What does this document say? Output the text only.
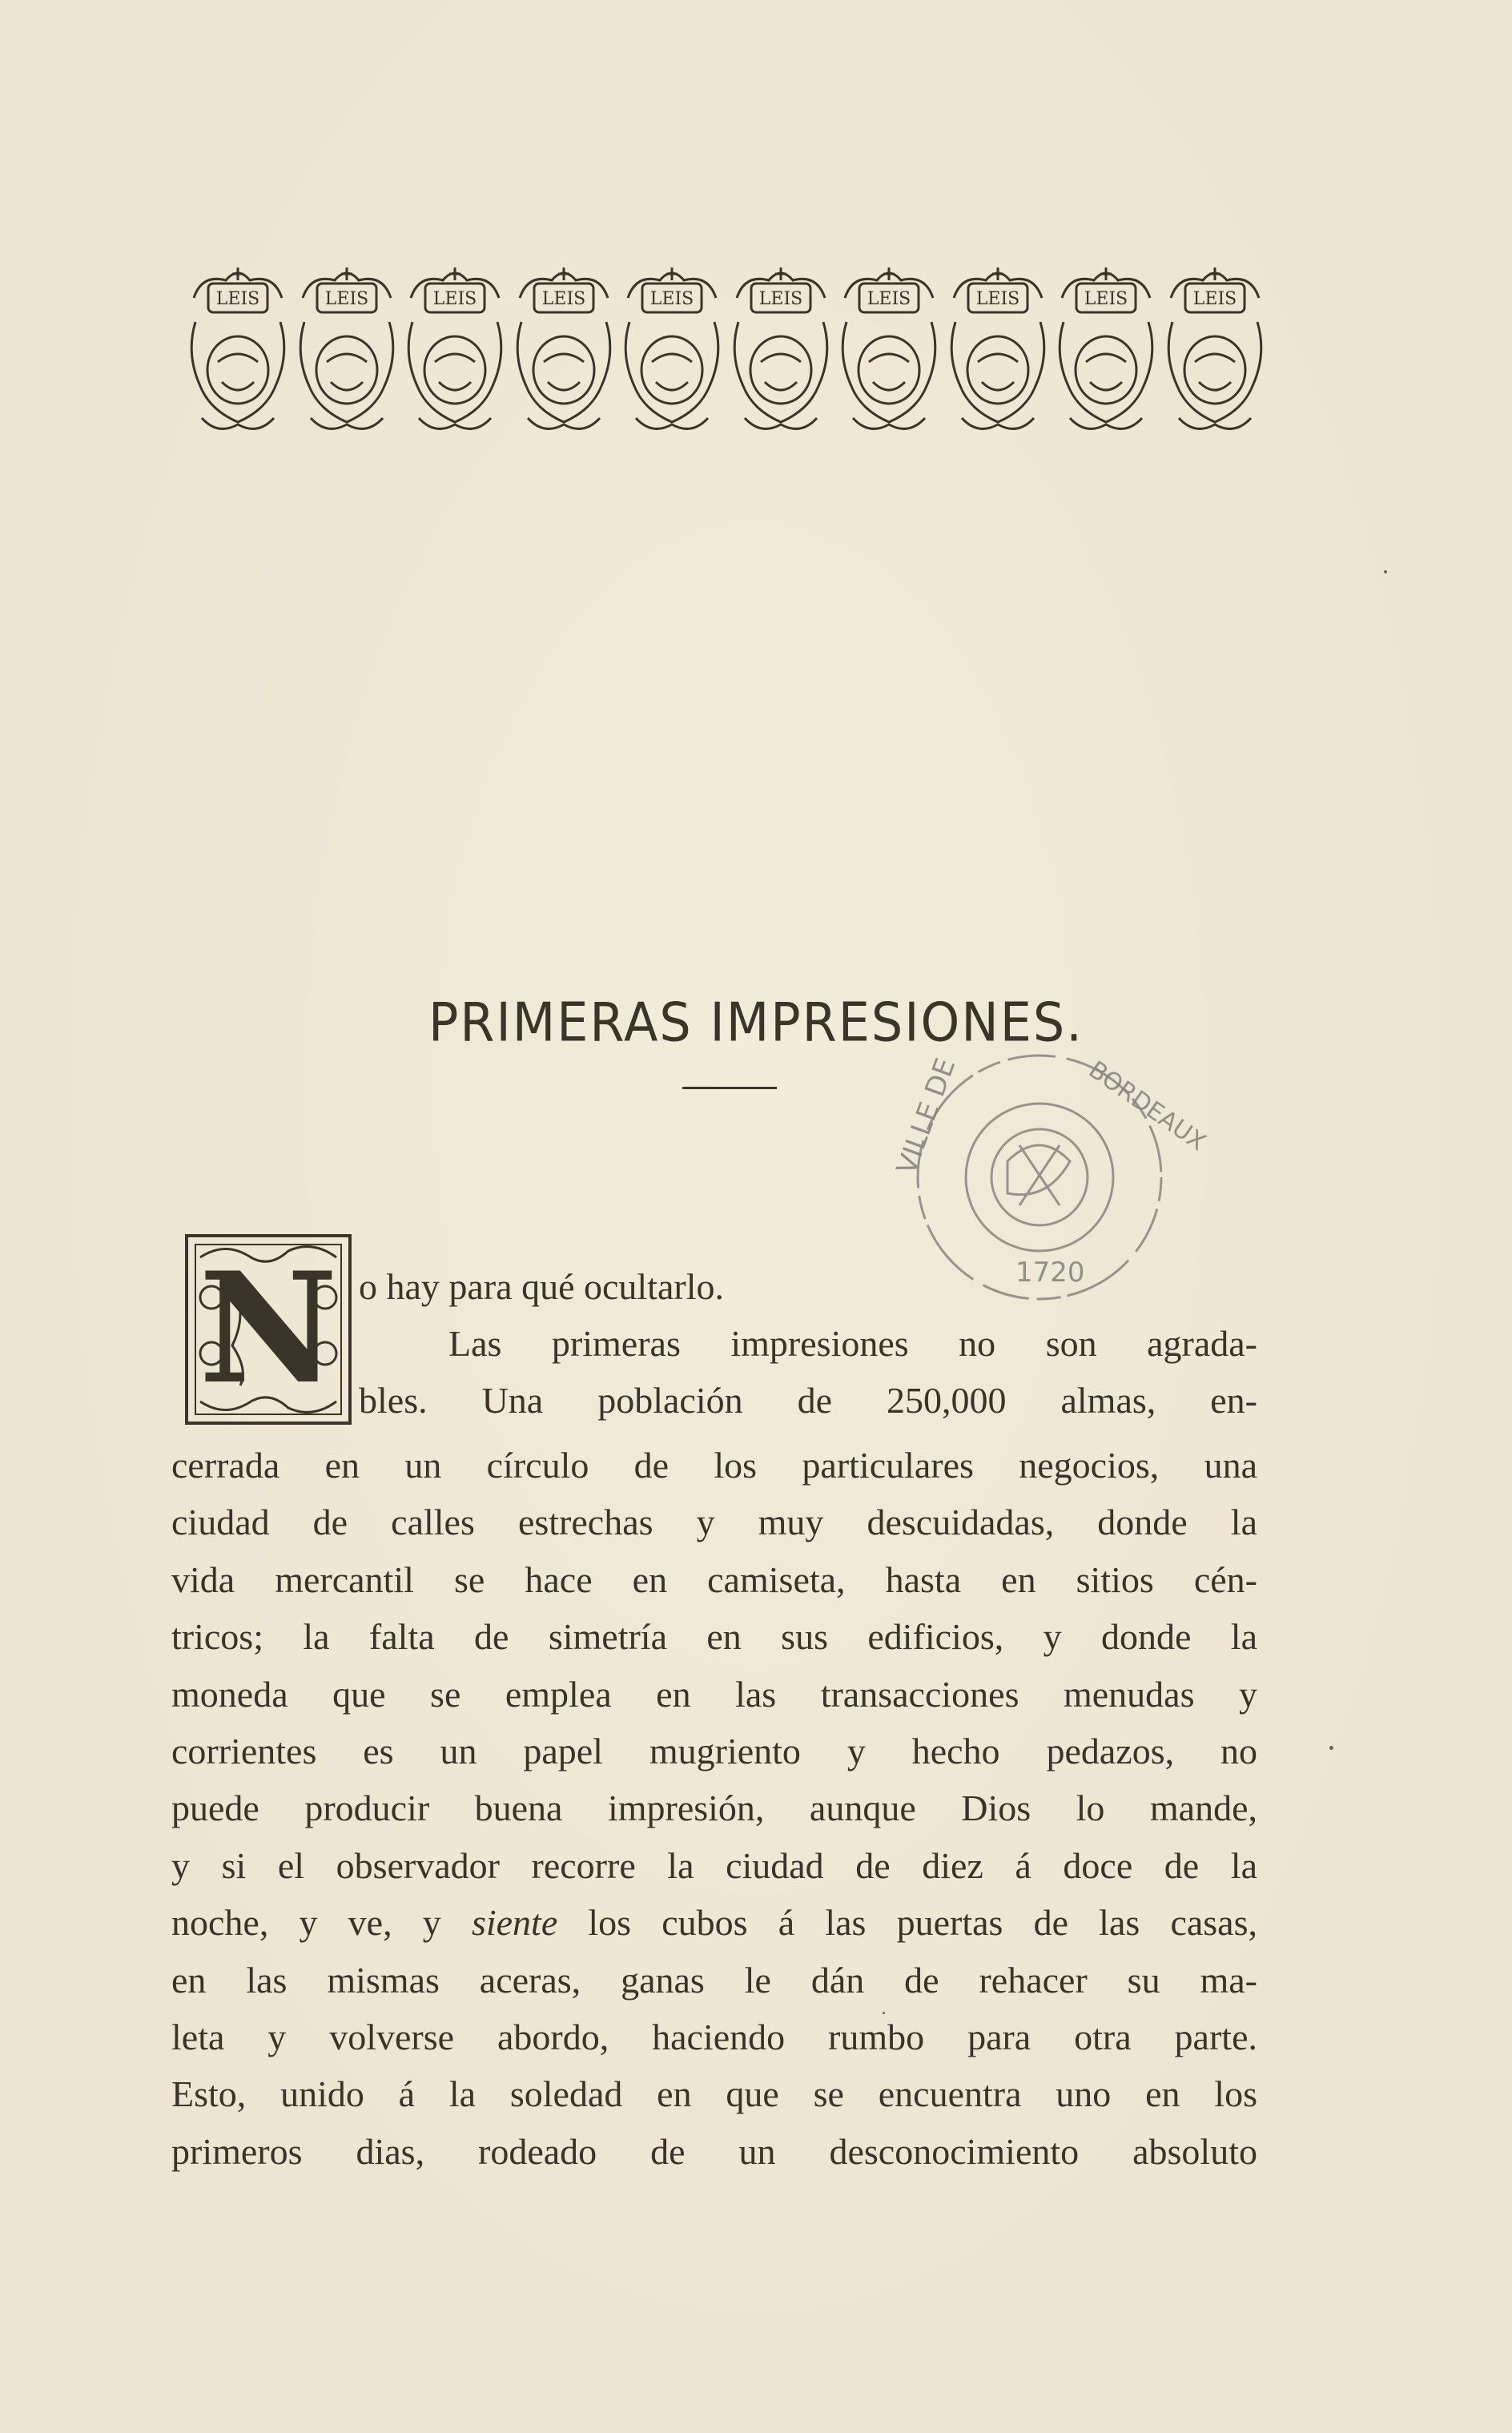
LEIS	LEIS	LEIS	LEIS	LEIS	LEIS	LEIS	LEIS	LEIS	LEIS
PRIMERAS IMPRESIONES.
VILLE DE	BORDEAUX
1720
N o hay para qué ocultarlo.
Las primeras impresiones no son agrada-
bles. Una población de 250,000 almas, en-
cerrada en un círculo de los particulares negocios, una
ciudad de calles estrechas y muy descuidadas, donde la
vida mercantil se hace en camiseta, hasta en sitios cén-
tricos; la falta de simetría en sus edificios, y donde la
moneda que se emplea en las transacciones menudas y
corrientes es un papel mugriento y hecho pedazos, no
puede producir buena impresión, aunque Dios lo mande,
y si el observador recorre la ciudad de diez á doce de la
noche, y ve, y siente los cubos á las puertas de las casas,
en las mismas aceras, ganas le dán de rehacer su ma-
leta y volverse abordo, haciendo rumbo para otra parte.
Esto, unido á la soledad en que se encuentra uno en los
primeros dias, rodeado de un desconocimiento absoluto
